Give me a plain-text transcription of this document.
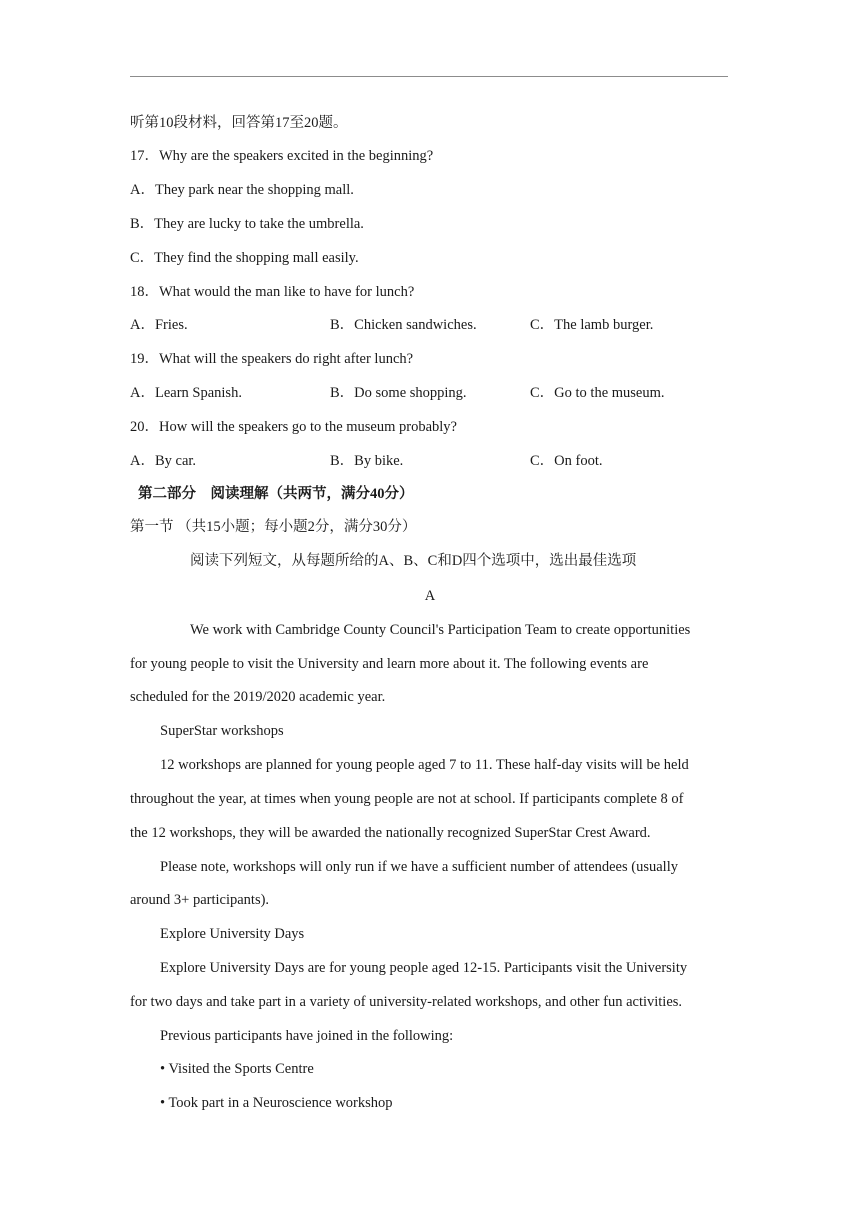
听第10段材料，回答第17至20题。
17．Why are the speakers excited in the beginning?
A．They park near the shopping mall.
B．They are lucky to take the umbrella.
C．They find the shopping mall easily.
18．What would the man like to have for lunch?
A．Fries.	B．Chicken sandwiches.	C．The lamb burger.
19．What will the speakers do right after lunch?
A．Learn Spanish.	B．Do some shopping.	C．Go to the museum.
20．How will the speakers go to the museum probably?
A．By car.	B．By bike.	C．On foot.
第二部分　阅读理解（共两节，满分40分）
第一节 （共15小题；每小题2分，满分30分）
阅读下列短文，从每题所给的A、B、C和D四个选项中，选出最佳选项
A
We work with Cambridge County Council's Participation Team to create opportunities
for young people to visit the University and learn more about it. The following events are
scheduled for the 2019/2020 academic year.
SuperStar workshops
12 workshops are planned for young people aged 7 to 11. These half-day visits will be held
throughout the year, at times when young people are not at school. If participants complete 8 of
the 12 workshops, they will be awarded the nationally recognized SuperStar Crest Award.
Please note, workshops will only run if we have a sufficient number of attendees (usually
around 3+ participants).
Explore University Days
Explore University Days are for young people aged 12-15. Participants visit the University
for two days and take part in a variety of university-related workshops, and other fun activities.
Previous participants have joined in the following:
• Visited the Sports Centre
• Took part in a Neuroscience workshop
